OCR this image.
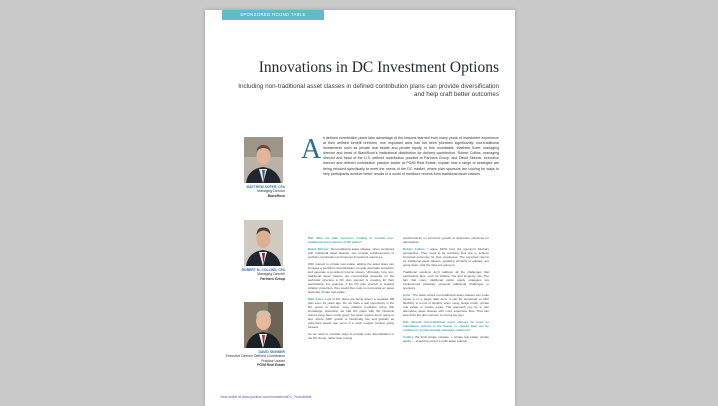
SPONSORED ROUND TABLE
Innovations in DC Investment Options
Including non-traditional asset classes in defined contribution plans can provide diversification and help craft better outcomes
MATTHEW SOFER, CFA
Managing Director
BlackRock
ROBERT M. COLLINS, CFA
Managing Director
Partners Group
DAVID SKINNER
Executive Director Defined Contribution Practice Leader
PGIM Real Estate
A s defined contribution plans take advantage of the lessons learned from many years of investment experience at their defined benefit brethren, one important area has not been plumbed significantly: non-traditional investments such as private real estate and private equity. In this roundtable, Matthew Sofer, managing director and head of BlackRock's institutional distribution for defined contribution, Robert Collins, managing director and head of the U.S. defined contribution practice at Partners Group, and David Skinner, executive director and defined contribution practice leader at PGIM Real Estate, explain how a range of strategies are being retooled specifically to meet the needs of the DC market, where plan sponsors are looking for ways to help participants achieve better results in a world of mediocre returns from traditional asset classes.

P&I: Why are plan sponsors looking to include non-traditional asset classes in DC plans?

David Skinner: Non-traditional asset classes, when combined with traditional asset classes, can provide enhancements to portfolio construction and improve investment outcomes.

With respect to private real estate, adding the asset class can increase a portfolio's diversification, provide downside protection and generate a consistent income stream. Ultimately, how non-traditional asset classes are incorporated depends on the particular structure a DC plan sponsor is creating for their participants. For example, if the DC plan sponsor is seeking inflation protection, they would then look to incorporate an asset class like private real estate.

Matt Sofer: Lots of DC plans are being driven a separate DB plan even 10 years ago. Do we have a real opportunity in the DC space to deliver more efficient portfolios using that knowledge. Historical, we had DC plans with the historical returns have been pretty good, but given returns aren't going to last, where GDP growth is historically low and globally as retirement assets rise, we're in a much tougher position going forward.

So we need to consider ways to provide more diversification in the DC lineup, rather than relying

predominantly on economic growth to determine outcomes for participants.

Robert Collins: I agree 100% from the sponsor's fiduciary perspective. They need to be revisiting their are to achieve improved outcomes for their employees. The expected returns for traditional asset classes, speaking primarily to equities, are going down. And the risks are going up.

Traditional solutions don't address all the challenges that participants face, such as inflation risk and longevity risk. The fact that many traditional public equity strategies are implemented passively presents additional challenges to sponsors.

Sofer: The place where non-traditional asset classes can make sense is in a target date fund. It can be structured to offer flexibility in terms of liquidity when using hedge funds, private real estate or private equity. The approach can be to pair alternative asset classes with more expensive fees. That can help drive the plan sponsor to control fee fees.

P&I: Should non-traditional asset classes be used as standalone options in the lineup, or should their use be confined to professionally managed solutions?

Collins: We think private markets — private real estate, private equity — should be part of a multi-asset solution.

View online at www.pionline.com/InnovationsDC_Roundtable
